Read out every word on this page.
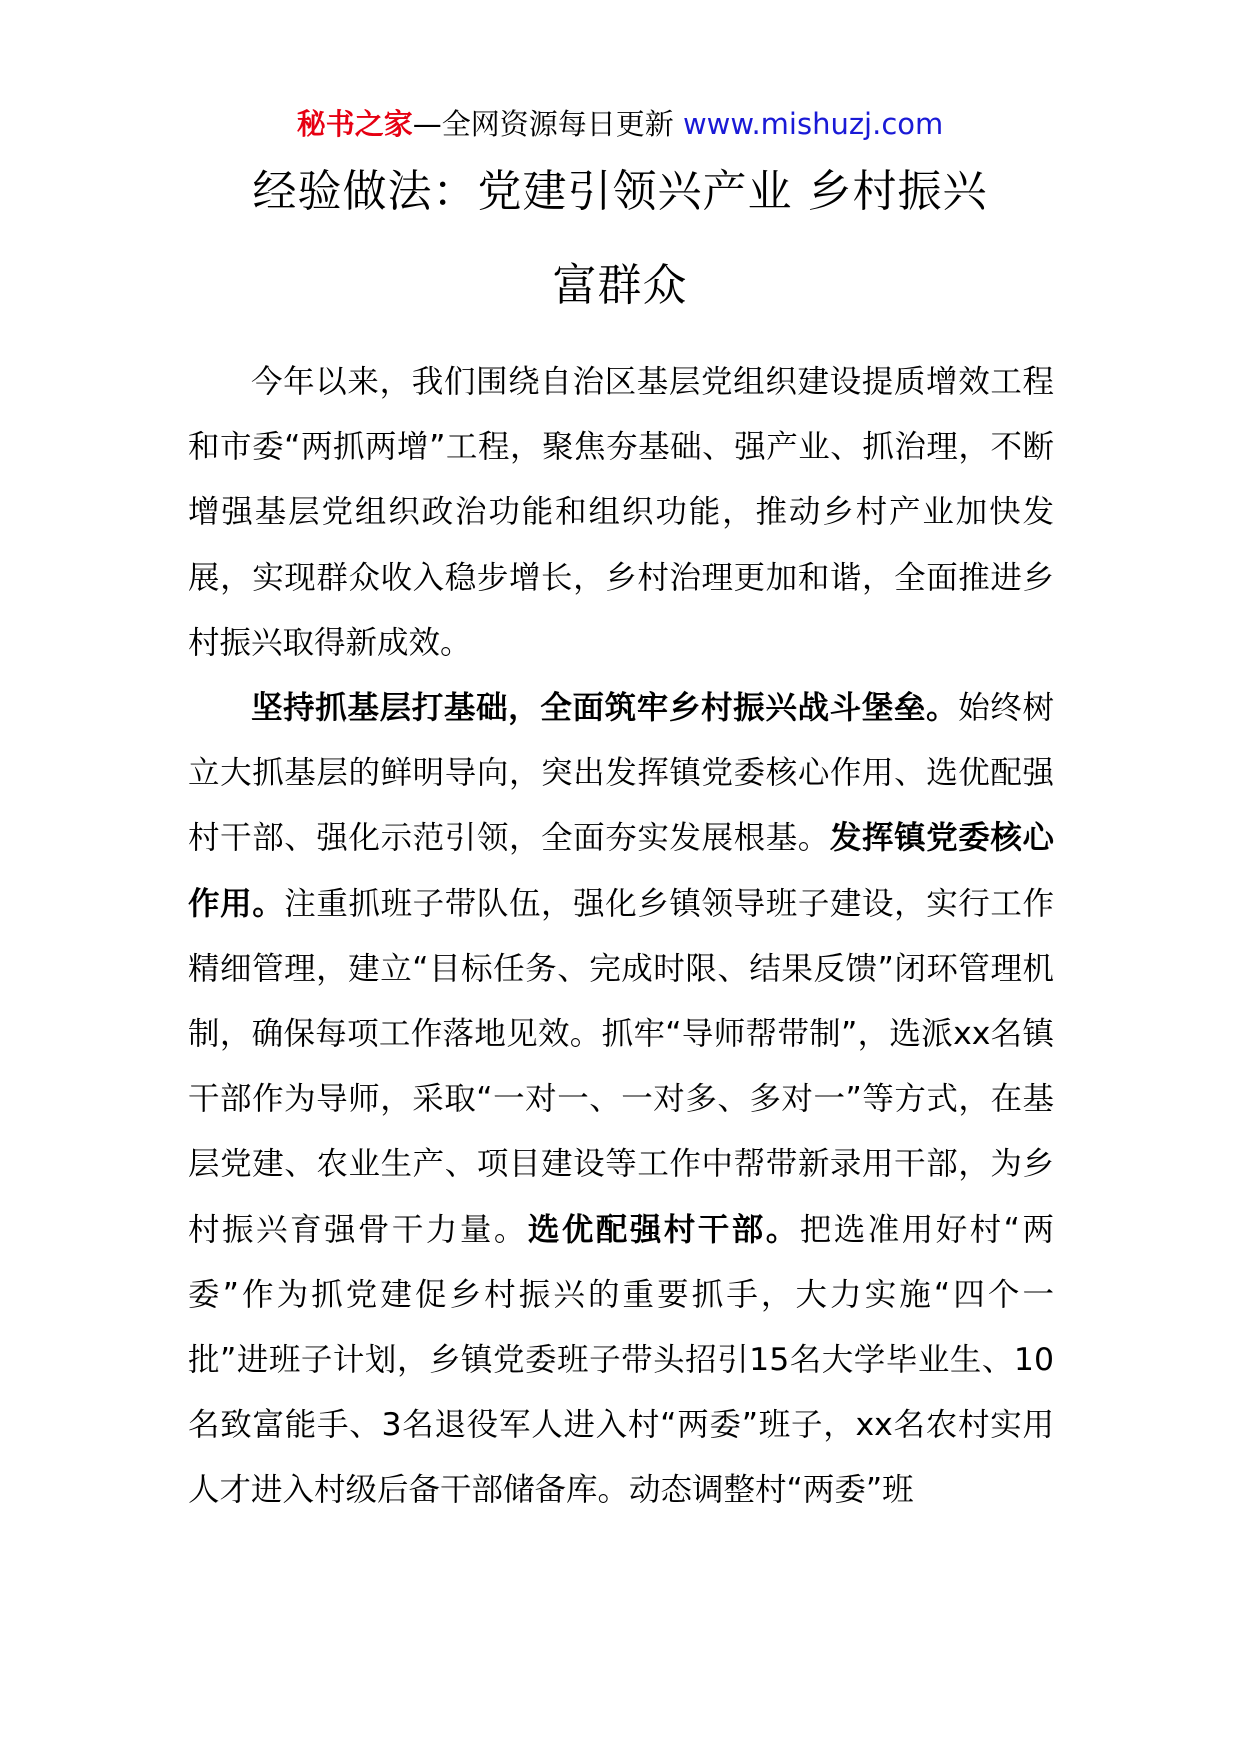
秘书之家—全网资源每日更新 www.mishuzj.com
经验做法：党建引领兴产业 乡村振兴
富群众

今年以来，我们围绕自治区基层党组织建设提质增效工程和市委“两抓两增”工程，聚焦夯基础、强产业、抓治理，不断增强基层党组织政治功能和组织功能，推动乡村产业加快发展，实现群众收入稳步增长，乡村治理更加和谐，全面推进乡村振兴取得新成效。

坚持抓基层打基础，全面筑牢乡村振兴战斗堡垒。始终树立大抓基层的鲜明导向，突出发挥镇党委核心作用、选优配强村干部、强化示范引领，全面夯实发展根基。发挥镇党委核心作用。注重抓班子带队伍，强化乡镇领导班子建设，实行工作精细管理，建立“目标任务、完成时限、结果反馈”闭环管理机制，确保每项工作落地见效。抓牢“导师帮带制”，选派xx名镇干部作为导师，采取“一对一、一对多、多对一”等方式，在基层党建、农业生产、项目建设等工作中帮带新录用干部，为乡村振兴育强骨干力量。选优配强村干部。把选准用好村“两委”作为抓党建促乡村振兴的重要抓手，大力实施“四个一批”进班子计划，乡镇党委班子带头招引15名大学毕业生、10名致富能手、3名退役军人进入村“两委”班子，xx名农村实用人才进入村级后备干部储备库。动态调整村“两委”班
